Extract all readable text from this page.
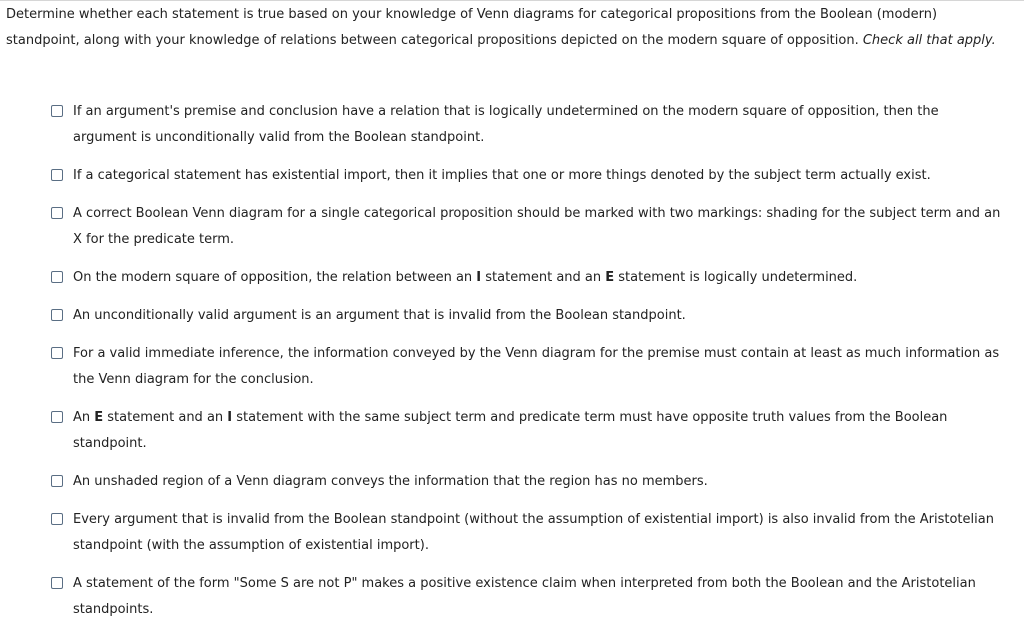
Determine whether each statement is true based on your knowledge of Venn diagrams for categorical propositions from the Boolean (modern) standpoint, along with your knowledge of relations between categorical propositions depicted on the modern square of opposition. Check all that apply.
If an argument's premise and conclusion have a relation that is logically undetermined on the modern square of opposition, then the argument is unconditionally valid from the Boolean standpoint.
If a categorical statement has existential import, then it implies that one or more things denoted by the subject term actually exist.
A correct Boolean Venn diagram for a single categorical proposition should be marked with two markings: shading for the subject term and an X for the predicate term.
On the modern square of opposition, the relation between an I statement and an E statement is logically undetermined.
An unconditionally valid argument is an argument that is invalid from the Boolean standpoint.
For a valid immediate inference, the information conveyed by the Venn diagram for the premise must contain at least as much information as the Venn diagram for the conclusion.
An E statement and an I statement with the same subject term and predicate term must have opposite truth values from the Boolean standpoint.
An unshaded region of a Venn diagram conveys the information that the region has no members.
Every argument that is invalid from the Boolean standpoint (without the assumption of existential import) is also invalid from the Aristotelian standpoint (with the assumption of existential import).
A statement of the form "Some S are not P" makes a positive existence claim when interpreted from both the Boolean and the Aristotelian standpoints.
